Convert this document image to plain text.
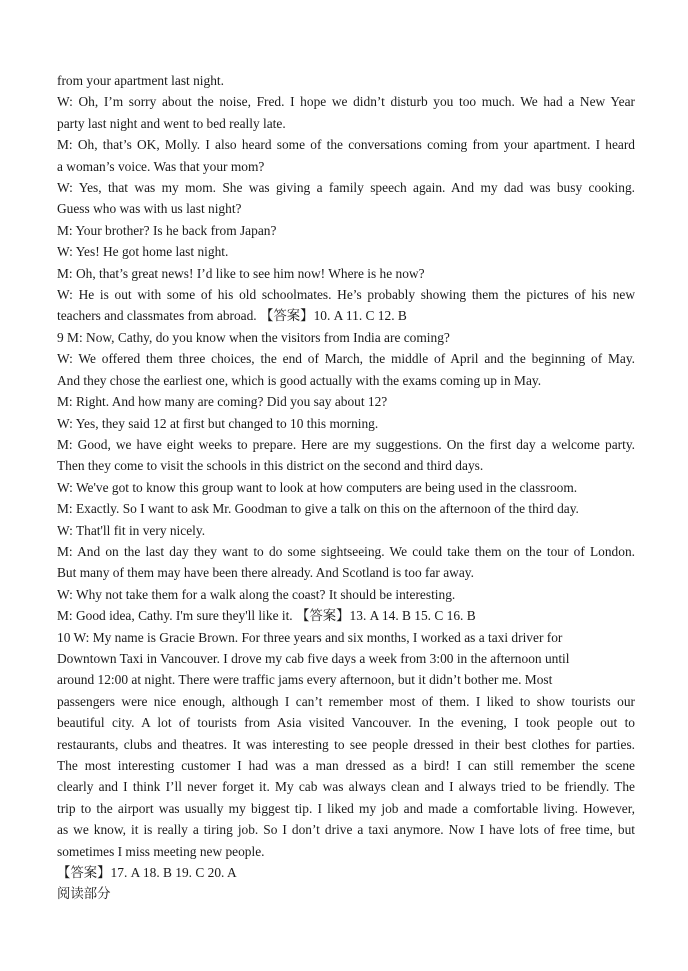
from your apartment last night.
W: Oh, I’m sorry about the noise, Fred. I hope we didn’t disturb you too much. We had a New Year
party last night and went to bed really late.
M: Oh, that’s OK, Molly. I also heard some of the conversations coming from your apartment. I heard
a woman’s voice. Was that your mom?
W: Yes, that was my mom. She was giving a family speech again. And my dad was busy cooking.
Guess who was with us last night?
M: Your brother? Is he back from Japan?
W: Yes! He got home last night.
M: Oh, that’s great news! I’d like to see him now! Where is he now?
W: He is out with some of his old schoolmates. He’s probably showing them the pictures of his new
teachers and classmates from abroad. 【答案】10. A 11. C 12. B
9 M: Now, Cathy, do you know when the visitors from India are coming?
W: We offered them three choices, the end of March, the middle of April and the beginning of May.
And they chose the earliest one, which is good actually with the exams coming up in May.
M: Right. And how many are coming? Did you say about 12?
W: Yes, they said 12 at first but changed to 10 this morning.
M: Good, we have eight weeks to prepare. Here are my suggestions. On the first day a welcome party.
Then they come to visit the schools in this district on the second and third days.
W: We've got to know this group want to look at how computers are being used in the classroom.
M: Exactly. So I want to ask Mr. Goodman to give a talk on this on the afternoon of the third day.
W: That'll fit in very nicely.
M: And on the last day they want to do some sightseeing. We could take them on the tour of London.
But many of them may have been there already. And Scotland is too far away.
W: Why not take them for a walk along the coast? It should be interesting.
M: Good idea, Cathy. I'm sure they'll like it. 【答案】13. A 14. B 15. C 16. B
10 W: My name is Gracie Brown. For three years and six months, I worked as a taxi driver for
Downtown Taxi in Vancouver. I drove my cab five days a week from 3:00 in the afternoon until
around 12:00 at night. There were traffic jams every afternoon, but it didn’t bother me. Most
passengers were nice enough, although I can’t remember most of them. I liked to show tourists our
beautiful city. A lot of tourists from Asia visited Vancouver. In the evening, I took people out to
restaurants, clubs and theatres. It was interesting to see people dressed in their best clothes for parties.
The most interesting customer I had was a man dressed as a bird! I can still remember the scene
clearly and I think I’ll never forget it. My cab was always clean and I always tried to be friendly. The
trip to the airport was usually my biggest tip. I liked my job and made a comfortable living. However,
as we know, it is really a tiring job. So I don’t drive a taxi anymore. Now I have lots of free time, but
sometimes I miss meeting new people.
【答案】17. A 18. B 19. C 20. A
阅读部分
